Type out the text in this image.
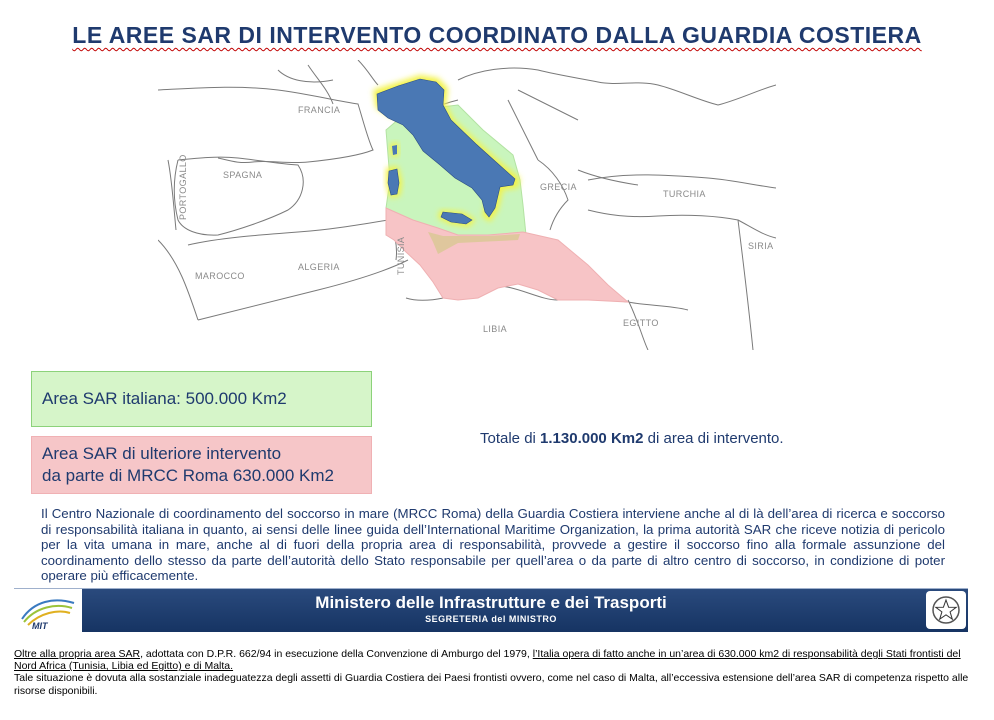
LE AREE SAR DI INTERVENTO COORDINATO DALLA GUARDIA COSTIERA
FRANCIA
SPAGNA
PORTOGALLO
MAROCCO
ALGERIA	TUNISIA
LIBIA
EGITTO
GRECIA
TURCHIA
SIRIA
Area SAR italiana: 500.000 Km2
Area SAR di ulteriore intervento
da parte di MRCC Roma 630.000 Km2
Totale di 1.130.000 Km2 di area di intervento.
Il Centro Nazionale di coordinamento del soccorso in mare (MRCC Roma) della Guardia Costiera interviene anche al di là dell’area di ricerca e soccorso di responsabilità italiana in quanto, ai sensi delle linee guida dell’International Maritime Organization, la prima autorità SAR che riceve notizia di pericolo per la vita umana in mare, anche al di fuori della propria area di responsabilità, provvede a gestire il soccorso fino alla formale assunzione del coordinamento dello stesso da parte dell’autorità dello Stato responsabile per quell’area o da parte di altro centro di soccorso, in condizione di poter operare più efficacemente.
MIT
Ministero delle Infrastrutture e dei Trasporti
SEGRETERIA del MINISTRO
Oltre alla propria area SAR, adottata con D.P.R. 662/94 in esecuzione della Convenzione di Amburgo del 1979, l’Italia opera di fatto anche in un’area di 630.000 km2 di responsabilità degli Stati frontisti del Nord Africa (Tunisia, Libia ed Egitto) e di Malta.
Tale situazione è dovuta alla sostanziale inadeguatezza degli assetti di Guardia Costiera dei Paesi frontisti ovvero, come nel caso di Malta, all’eccessiva estensione dell’area SAR di competenza rispetto alle risorse disponibili.
